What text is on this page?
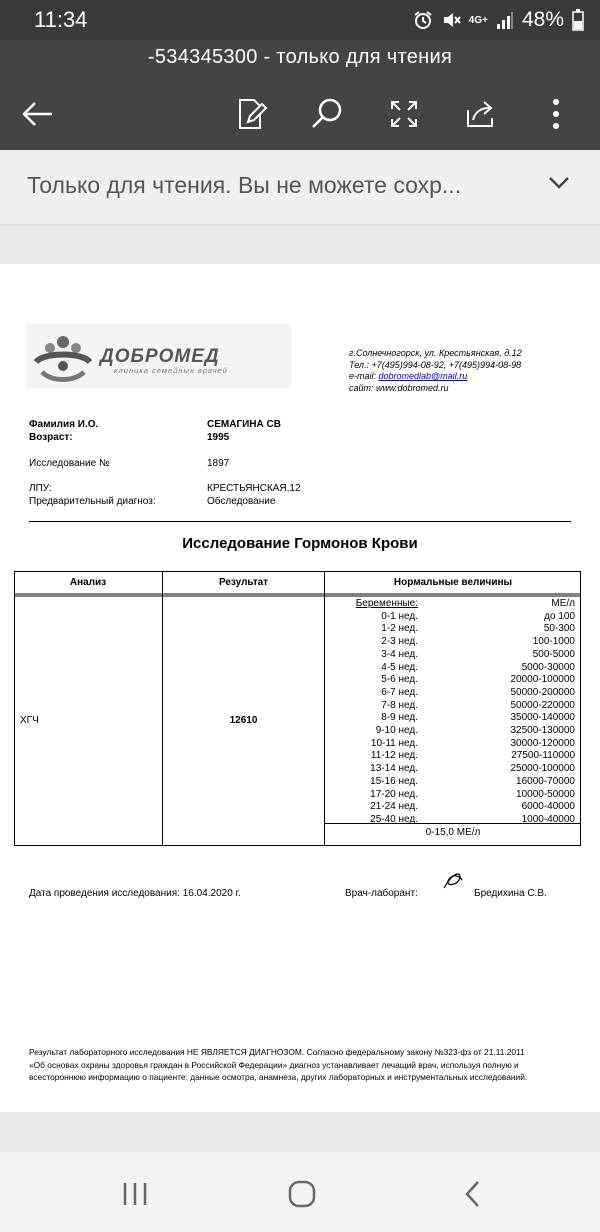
11:34	4G+ 48%
-534345300 - только для чтения
Только для чтения. Вы не можете сохр...
ДОБРОМЕД
клиника семейных врачей
г.Солнечногорск, ул. Крестьянская, д.12
Тел.: +7(495)994-08-92, +7(495)994-08-98
e-mail: dobromedlab@mail.ru
сайт: www.dobromed.ru
Фамилия И.О.	СЕМАГИНА СВ
Возраст:	1995
Исследование №	1897
ЛПУ:	КРЕСТЬЯНСКАЯ,12
Предварительный диагноз:	Обследование
Исследование Гормонов Крови
Анализ	Результат	Нормальные величины
ХГЧ	12610
Беременные:	МЕ/л
0-1 нед.	до 100
1-2 нед.	50-300
2-3 нед.	100-1000
3-4 нед.	500-5000
4-5 нед.	5000-30000
5-6 нед.	20000-100000
6-7 нед.	50000-200000
7-8 нед.	50000-220000
8-9 нед.	35000-140000
9-10 нед.	32500-130000
10-11 нед.	30000-120000
11-12 нед.	27500-110000
13-14 нед.	25000-100000
15-16 нед.	16000-70000
17-20 нед.	10000-50000
21-24 нед.	6000-40000
25-40 нед.	1000-40000
0-15,0 МЕ/л
Дата проведения исследования: 16.04.2020 г.	Врач-лаборант:	Бредихина С.В.
Результат лабораторного исследования НЕ ЯВЛЯЕТСЯ ДИАГНОЗОМ. Согласно федеральному закону №323-фз от 21.11.2011
«Об основах охраны здоровья граждан в Российской Федерации» диагноз устанавливает лечащий врач, используя полную и
всестороннюю информацию о пациенте: данные осмотра, анамнеза, других лабораторных и инструментальных исследований.
